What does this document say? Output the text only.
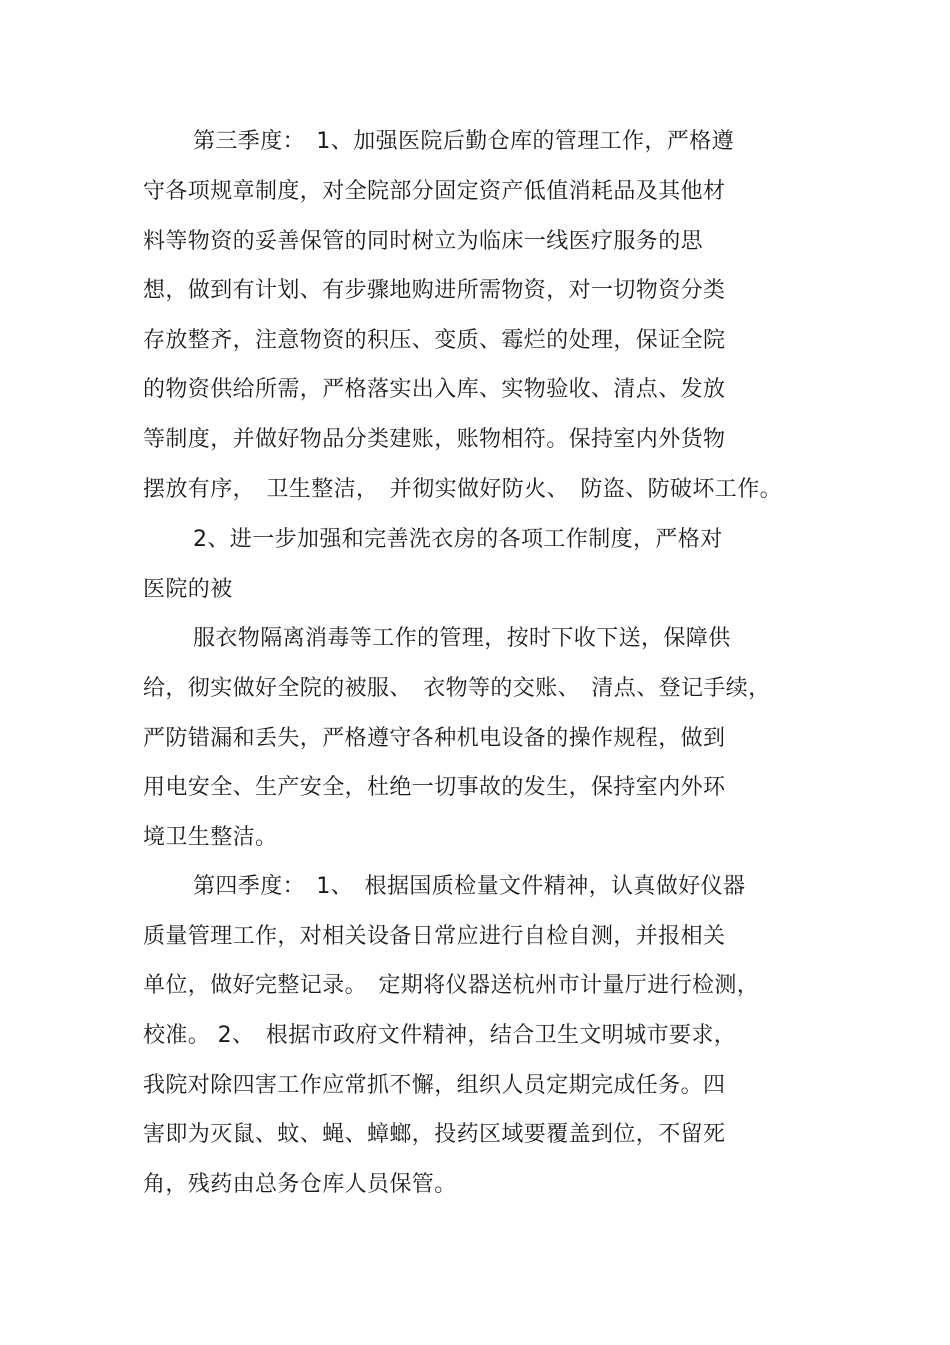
第三季度：　1、加强医院后勤仓库的管理工作，严格遵
守各项规章制度，对全院部分固定资产低值消耗品及其他材
料等物资的妥善保管的同时树立为临床一线医疗服务的思
想，做到有计划、有步骤地购进所需物资，对一切物资分类
存放整齐，注意物资的积压、变质、霉烂的处理，保证全院
的物资供给所需，严格落实出入库、实物验收、清点、发放
等制度，并做好物品分类建账，账物相符。保持室内外货物
摆放有序，　卫生整洁，　并彻实做好防火、　防盗、防破坏工作。
2、进一步加强和完善洗衣房的各项工作制度，严格对
医院的被
服衣物隔离消毒等工作的管理，按时下收下送，保障供
给，彻实做好全院的被服、　衣物等的交账、　清点、登记手续，
严防错漏和丢失，严格遵守各种机电设备的操作规程，做到
用电安全、生产安全，杜绝一切事故的发生，保持室内外环
境卫生整洁。
第四季度：　1、　根据国质检量文件精神，认真做好仪器
质量管理工作，对相关设备日常应进行自检自测，并报相关
单位，做好完整记录。　定期将仪器送杭州市计量厅进行检测，
校准。 2、　根据市政府文件精神，结合卫生文明城市要求，
我院对除四害工作应常抓不懈，组织人员定期完成任务。四
害即为灭鼠、蚊、蝇、蟑螂，投药区域要覆盖到位，不留死
角，残药由总务仓库人员保管。
